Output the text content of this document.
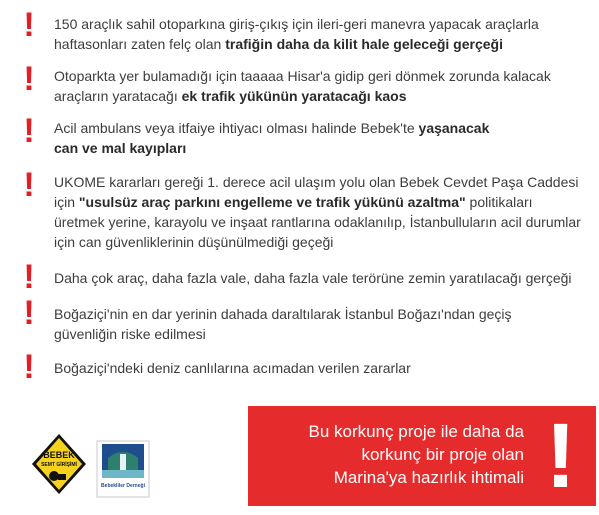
!	150 araçlık sahil otoparkına giriş-çıkış için ileri-geri manevra yapacak araçlarla haftasonları zaten felç olan trafiğin daha da kilit hale geleceği gerçeği
!	Otoparkta yer bulamadığı için taaaaa Hisar'a gidip geri dönmek zorunda kalacak araçların yaratacağı ek trafik yükünün yaratacağı kaos
!	Acil ambulans veya itfaiye ihtiyacı olması halinde Bebek'te yaşanacak can ve mal kayıpları
!	UKOME kararları gereği 1. derece acil ulaşım yolu olan Bebek Cevdet Paşa Caddesi için "usulsüz araç parkını engelleme ve trafik yükünü azaltma" politikaları üretmek yerine, karayolu ve inşaat rantlarına odaklanılıp, İstanbulluların acil durumlar için can güvenliklerinin düşünülmediği geçeği
!	Daha çok araç, daha fazla vale, daha fazla vale terörüne zemin yaratılacağı gerçeği
!	Boğaziçi'nin en dar yerinin dahada daraltılarak İstanbul Boğazı'ndan geçiş güvenliğin riske edilmesi
!	Boğaziçi'ndeki deniz canlılarına acımadan verilen zararlar
BEBEK
SEMT GİRİŞİMİ
Bebekliler Derneği
Bu korkunç proje ile daha da
korkunç bir proje olan
Marina'ya hazırlık ihtimali !
